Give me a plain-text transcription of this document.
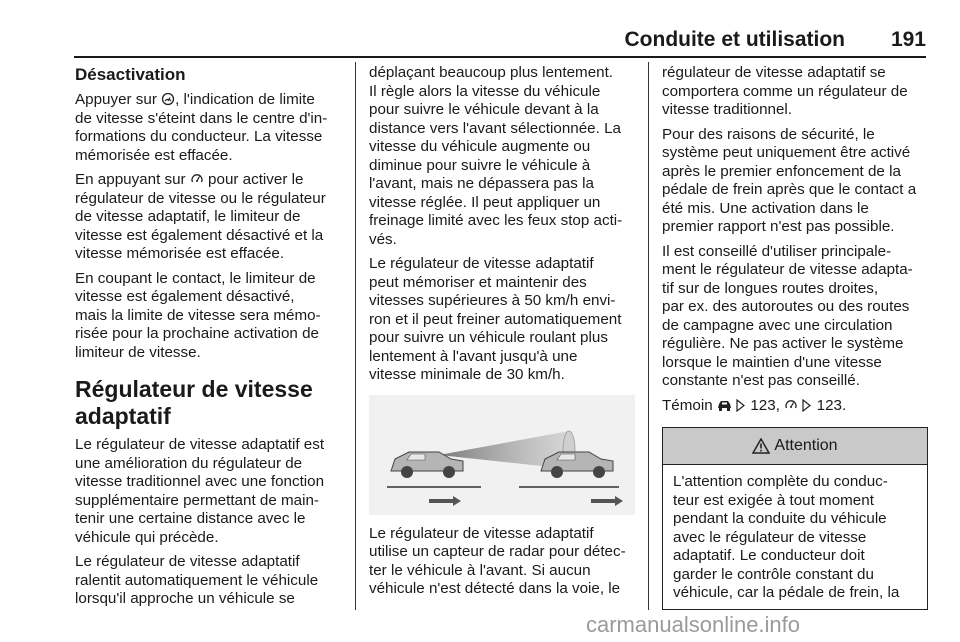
Conduite et utilisation 191
Désactivation

Appuyer sur , l'indication de limite
de vitesse s'éteint dans le centre d'in-
formations du conducteur. La vitesse
mémorisée est effacée.

En appuyant sur  pour activer le
régulateur de vitesse ou le régulateur
de vitesse adaptatif, le limiteur de
vitesse est également désactivé et la
vitesse mémorisée est effacée.

En coupant le contact, le limiteur de
vitesse est également désactivé,
mais la limite de vitesse sera mémo-
risée pour la prochaine activation de
limiteur de vitesse.

Régulateur de vitesse
adaptatif

Le régulateur de vitesse adaptatif est
une amélioration du régulateur de
vitesse traditionnel avec une fonction
supplémentaire permettant de main-
tenir une certaine distance avec le
véhicule qui précède.

Le régulateur de vitesse adaptatif
ralentit automatiquement le véhicule
lorsqu'il approche un véhicule se

déplaçant beaucoup plus lentement.
Il règle alors la vitesse du véhicule
pour suivre le véhicule devant à la
distance vers l'avant sélectionnée. La
vitesse du véhicule augmente ou
diminue pour suivre le véhicule à
l'avant, mais ne dépassera pas la
vitesse réglée. Il peut appliquer un
freinage limité avec les feux stop acti-
vés.

Le régulateur de vitesse adaptatif
peut mémoriser et maintenir des
vitesses supérieures à 50 km/h envi-
ron et il peut freiner automatiquement
pour suivre un véhicule roulant plus
lentement à l'avant jusqu'à une
vitesse minimale de 30 km/h.

Le régulateur de vitesse adaptatif
utilise un capteur de radar pour détec-
ter le véhicule à l'avant. Si aucun
véhicule n'est détecté dans la voie, le

régulateur de vitesse adaptatif se
comportera comme un régulateur de
vitesse traditionnel.

Pour des raisons de sécurité, le
système peut uniquement être activé
après le premier enfoncement de la
pédale de frein après que le contact a
été mis. Une activation dans le
premier rapport n'est pas possible.

Il est conseillé d'utiliser principale-
ment le régulateur de vitesse adapta-
tif sur de longues routes droites,
par ex. des autoroutes ou des routes
de campagne avec une circulation
régulière. Ne pas activer le système
lorsque le maintien d'une vitesse
constante n'est pas conseillé.

Témoin 123,   123.

Attention
L'attention complète du conduc-
teur est exigée à tout moment
pendant la conduite du véhicule
avec le régulateur de vitesse
adaptatif. Le conducteur doit
garder le contrôle constant du
véhicule, car la pédale de frein, la
carmanualsonline.info
